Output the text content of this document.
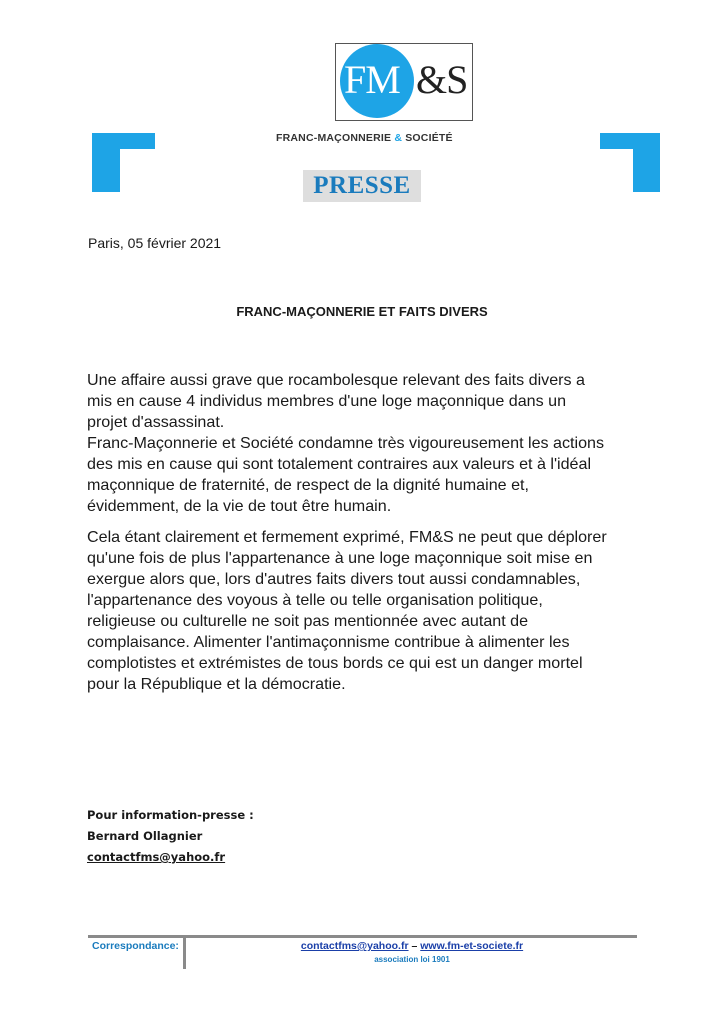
FM &S
FRANC-MAÇONNERIE & SOCIÉTÉ
PRESSE
Paris, 05 février 2021
FRANC-MAÇONNERIE ET FAITS DIVERS

Une affaire aussi grave que rocambolesque relevant des faits divers a
mis en cause 4 individus membres d'une loge maçonnique dans un
projet d'assassinat.
Franc-Maçonnerie et Société condamne très vigoureusement les actions
des mis en cause qui sont totalement contraires aux valeurs et à l'idéal
maçonnique de fraternité, de respect de la dignité humaine et,
évidemment, de la vie de tout être humain.

Cela étant clairement et fermement exprimé, FM&S ne peut que déplorer
qu'une fois de plus l'appartenance à une loge maçonnique soit mise en
exergue alors que, lors d'autres faits divers tout aussi condamnables,
l'appartenance des voyous à telle ou telle organisation politique,
religieuse ou culturelle ne soit pas mentionnée avec autant de
complaisance. Alimenter l'antimaçonnisme contribue à alimenter les
complotistes et extrémistes de tous bords ce qui est un danger mortel
pour la République et la démocratie.

Pour information-presse :
Bernard Ollagnier
contactfms@yahoo.fr
Correspondance:	contactfms@yahoo.fr – www.fm-et-societe.fr
association loi 1901
